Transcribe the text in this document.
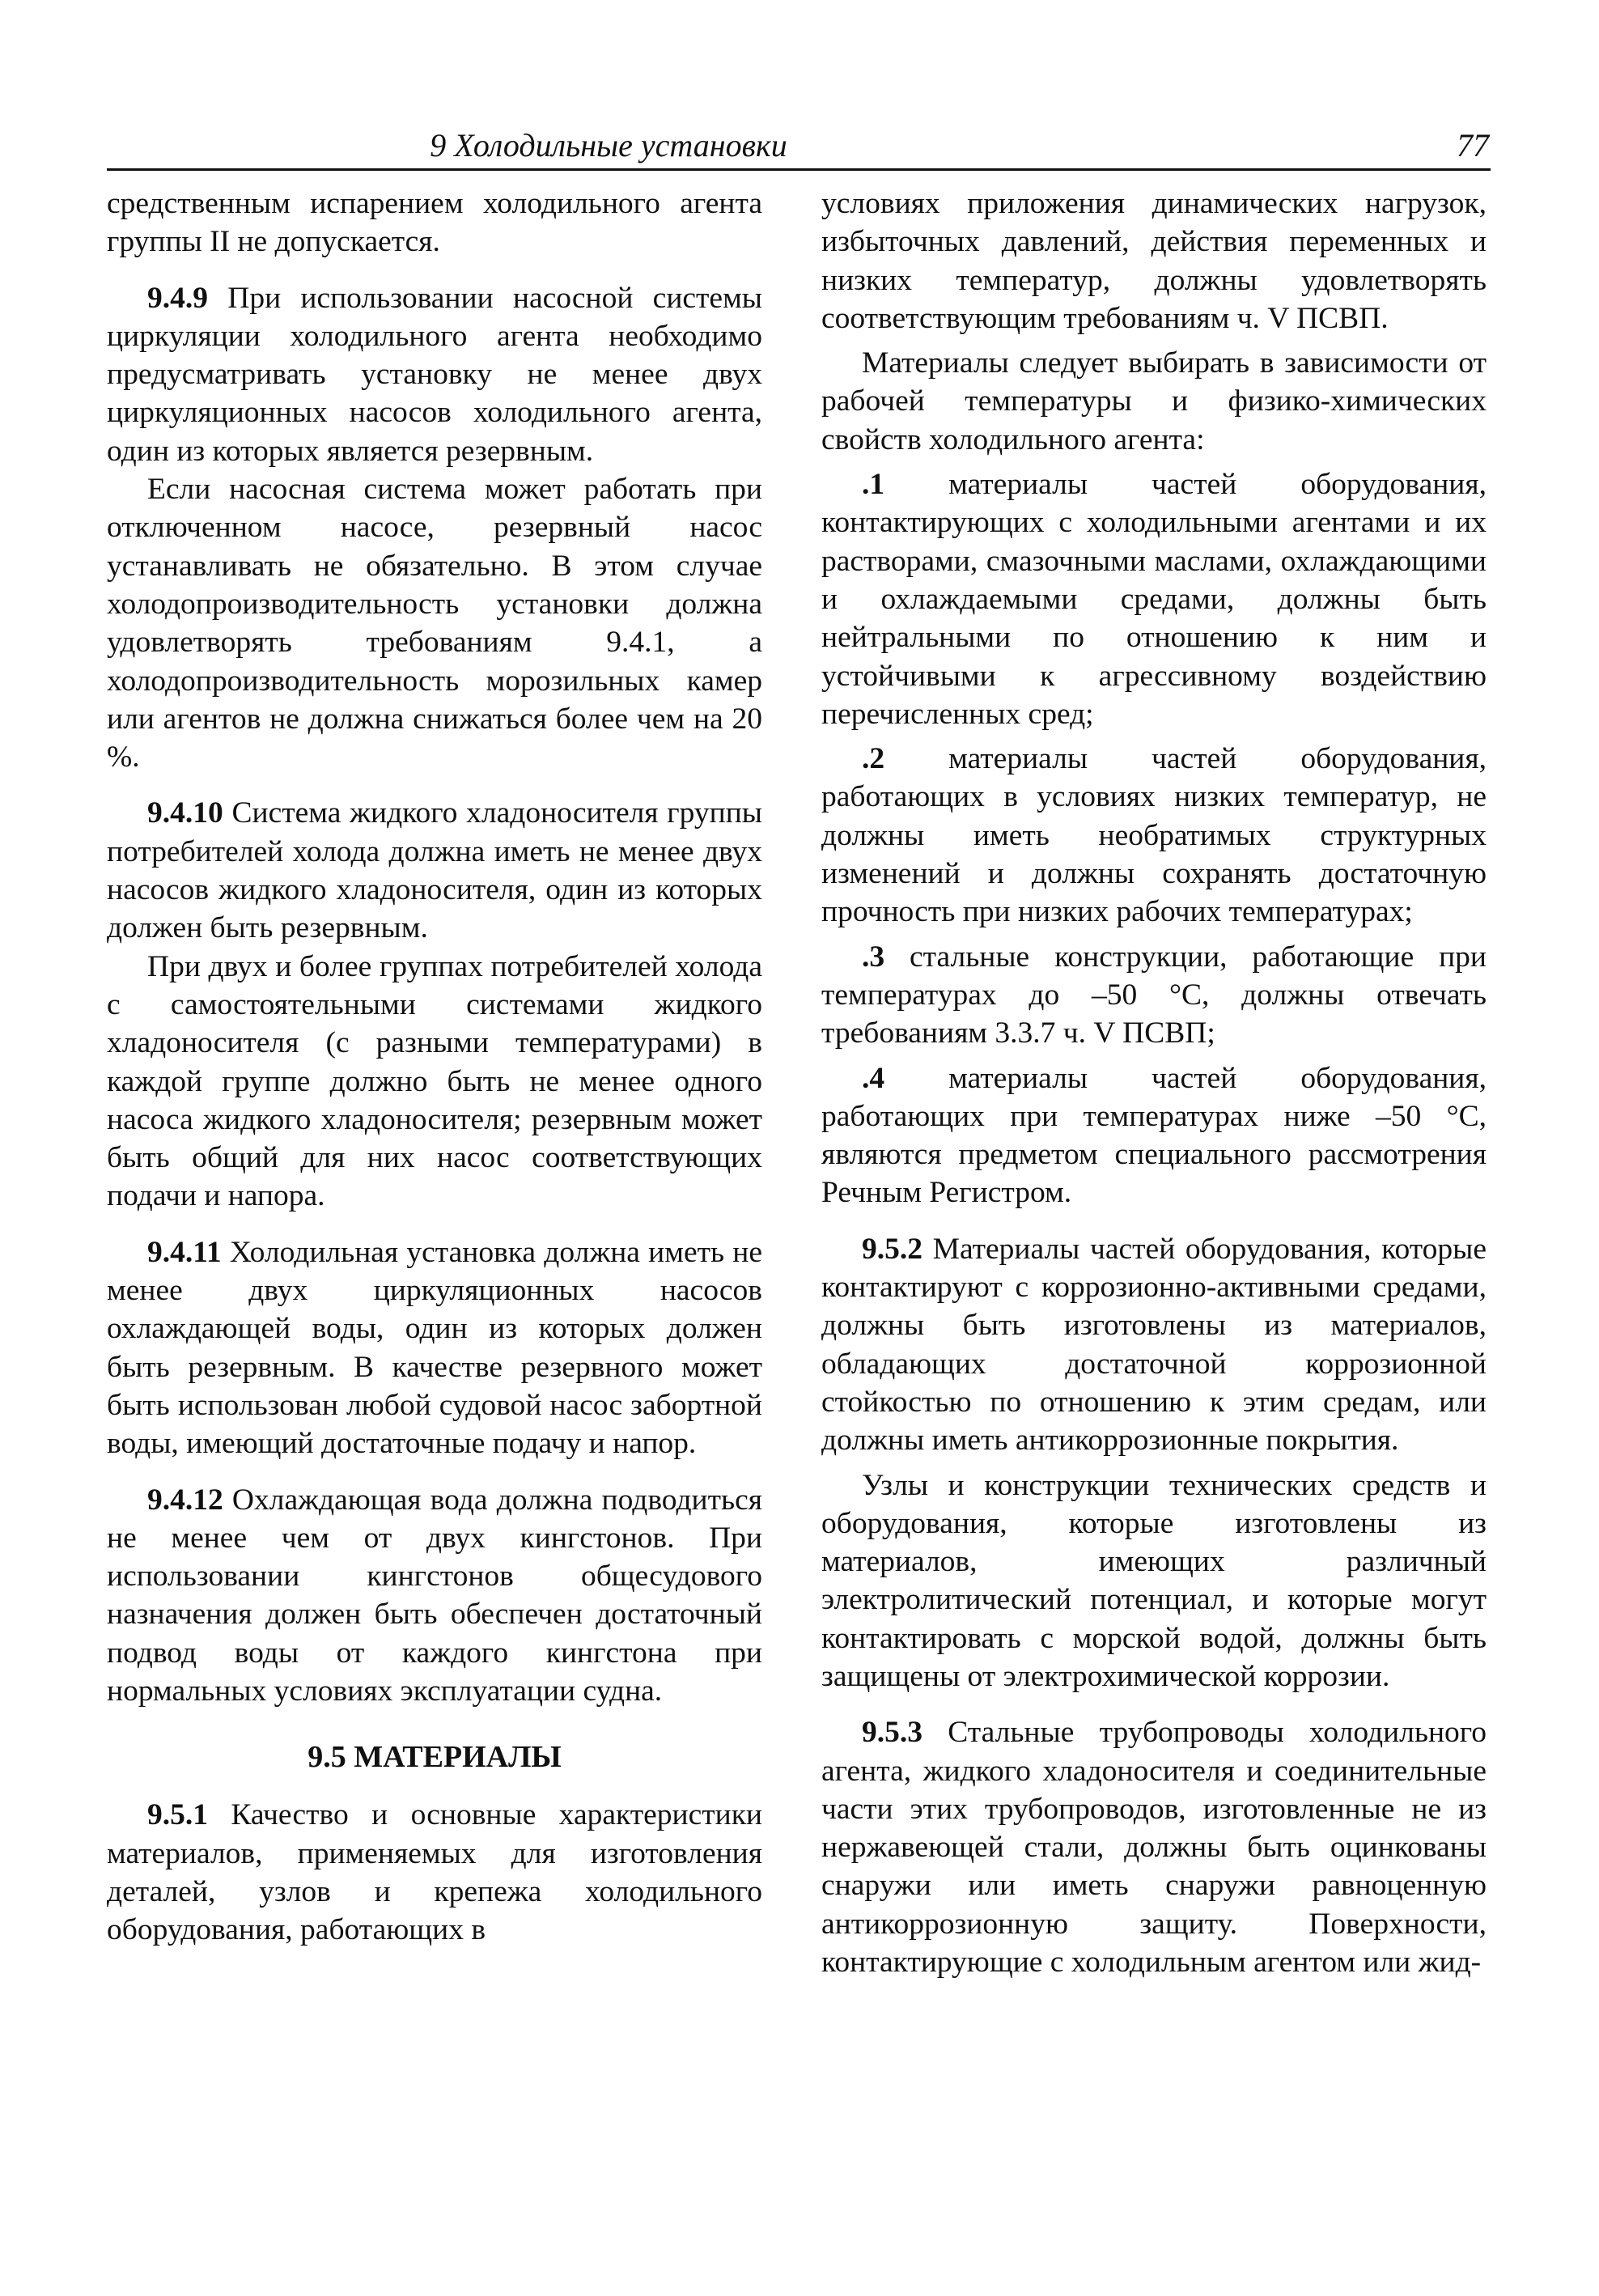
9 Холодильные установки	77

средственным испарением холодильного агента группы II не допускается.

9.4.9 При использовании насосной системы циркуляции холодильного агента необходимо предусматривать установку не менее двух циркуляционных насосов холодильного агента, один из которых является резервным.

Если насосная система может работать при отключенном насосе, резервный насос устанавливать не обязательно. В этом случае холодопроизводительность установки должна удовлетворять требованиям 9.4.1, а холодопроизводительность морозильных камер или агентов не должна снижаться более чем на 20 %.

9.4.10 Система жидкого хладоносителя группы потребителей холода должна иметь не менее двух насосов жидкого хладоносителя, один из которых должен быть резервным.

При двух и более группах потребителей холода с самостоятельными системами жидкого хладоносителя (с разными температурами) в каждой группе должно быть не менее одного насоса жидкого хладоносителя; резервным может быть общий для них насос соответствующих подачи и напора.

9.4.11 Холодильная установка должна иметь не менее двух циркуляционных насосов охлаждающей воды, один из которых должен быть резервным. В качестве резервного может быть использован любой судовой насос забортной воды, имеющий достаточные подачу и напор.

9.4.12 Охлаждающая вода должна подводиться не менее чем от двух кингстонов. При использовании кингстонов общесудового назначения должен быть обеспечен достаточный подвод воды от каждого кингстона при нормальных условиях эксплуатации судна.

9.5 МАТЕРИАЛЫ

9.5.1 Качество и основные характеристики материалов, применяемых для изготовления деталей, узлов и крепежа холодильного оборудования, работающих в

условиях приложения динамических нагрузок, избыточных давлений, действия переменных и низких температур, должны удовлетворять соответствующим требованиям ч. V ПСВП.

Материалы следует выбирать в зависимости от рабочей температуры и физико-химических свойств холодильного агента:

.1 материалы частей оборудования, контактирующих с холодильными агентами и их растворами, смазочными маслами, охлаждающими и охлаждаемыми средами, должны быть нейтральными по отношению к ним и устойчивыми к агрессивному воздействию перечисленных сред;

.2 материалы частей оборудования, работающих в условиях низких температур, не должны иметь необратимых структурных изменений и должны сохранять достаточную прочность при низких рабочих температурах;

.3 стальные конструкции, работающие при температурах до –50 °C, должны отвечать требованиям 3.3.7 ч. V ПСВП;

.4 материалы частей оборудования, работающих при температурах ниже –50 °C, являются предметом специального рассмотрения Речным Регистром.

9.5.2 Материалы частей оборудования, которые контактируют с коррозионно-активными средами, должны быть изготовлены из материалов, обладающих достаточной коррозионной стойкостью по отношению к этим средам, или должны иметь антикоррозионные покрытия.

Узлы и конструкции технических средств и оборудования, которые изготовлены из материалов, имеющих различный электролитический потенциал, и которые могут контактировать с морской водой, должны быть защищены от электрохимической коррозии.

9.5.3 Стальные трубопроводы холодильного агента, жидкого хладоносителя и соединительные части этих трубопроводов, изготовленные не из нержавеющей стали, должны быть оцинкованы снаружи или иметь снаружи равноценную антикоррозионную защиту. Поверхности, контактирующие с холодильным агентом или жид-
